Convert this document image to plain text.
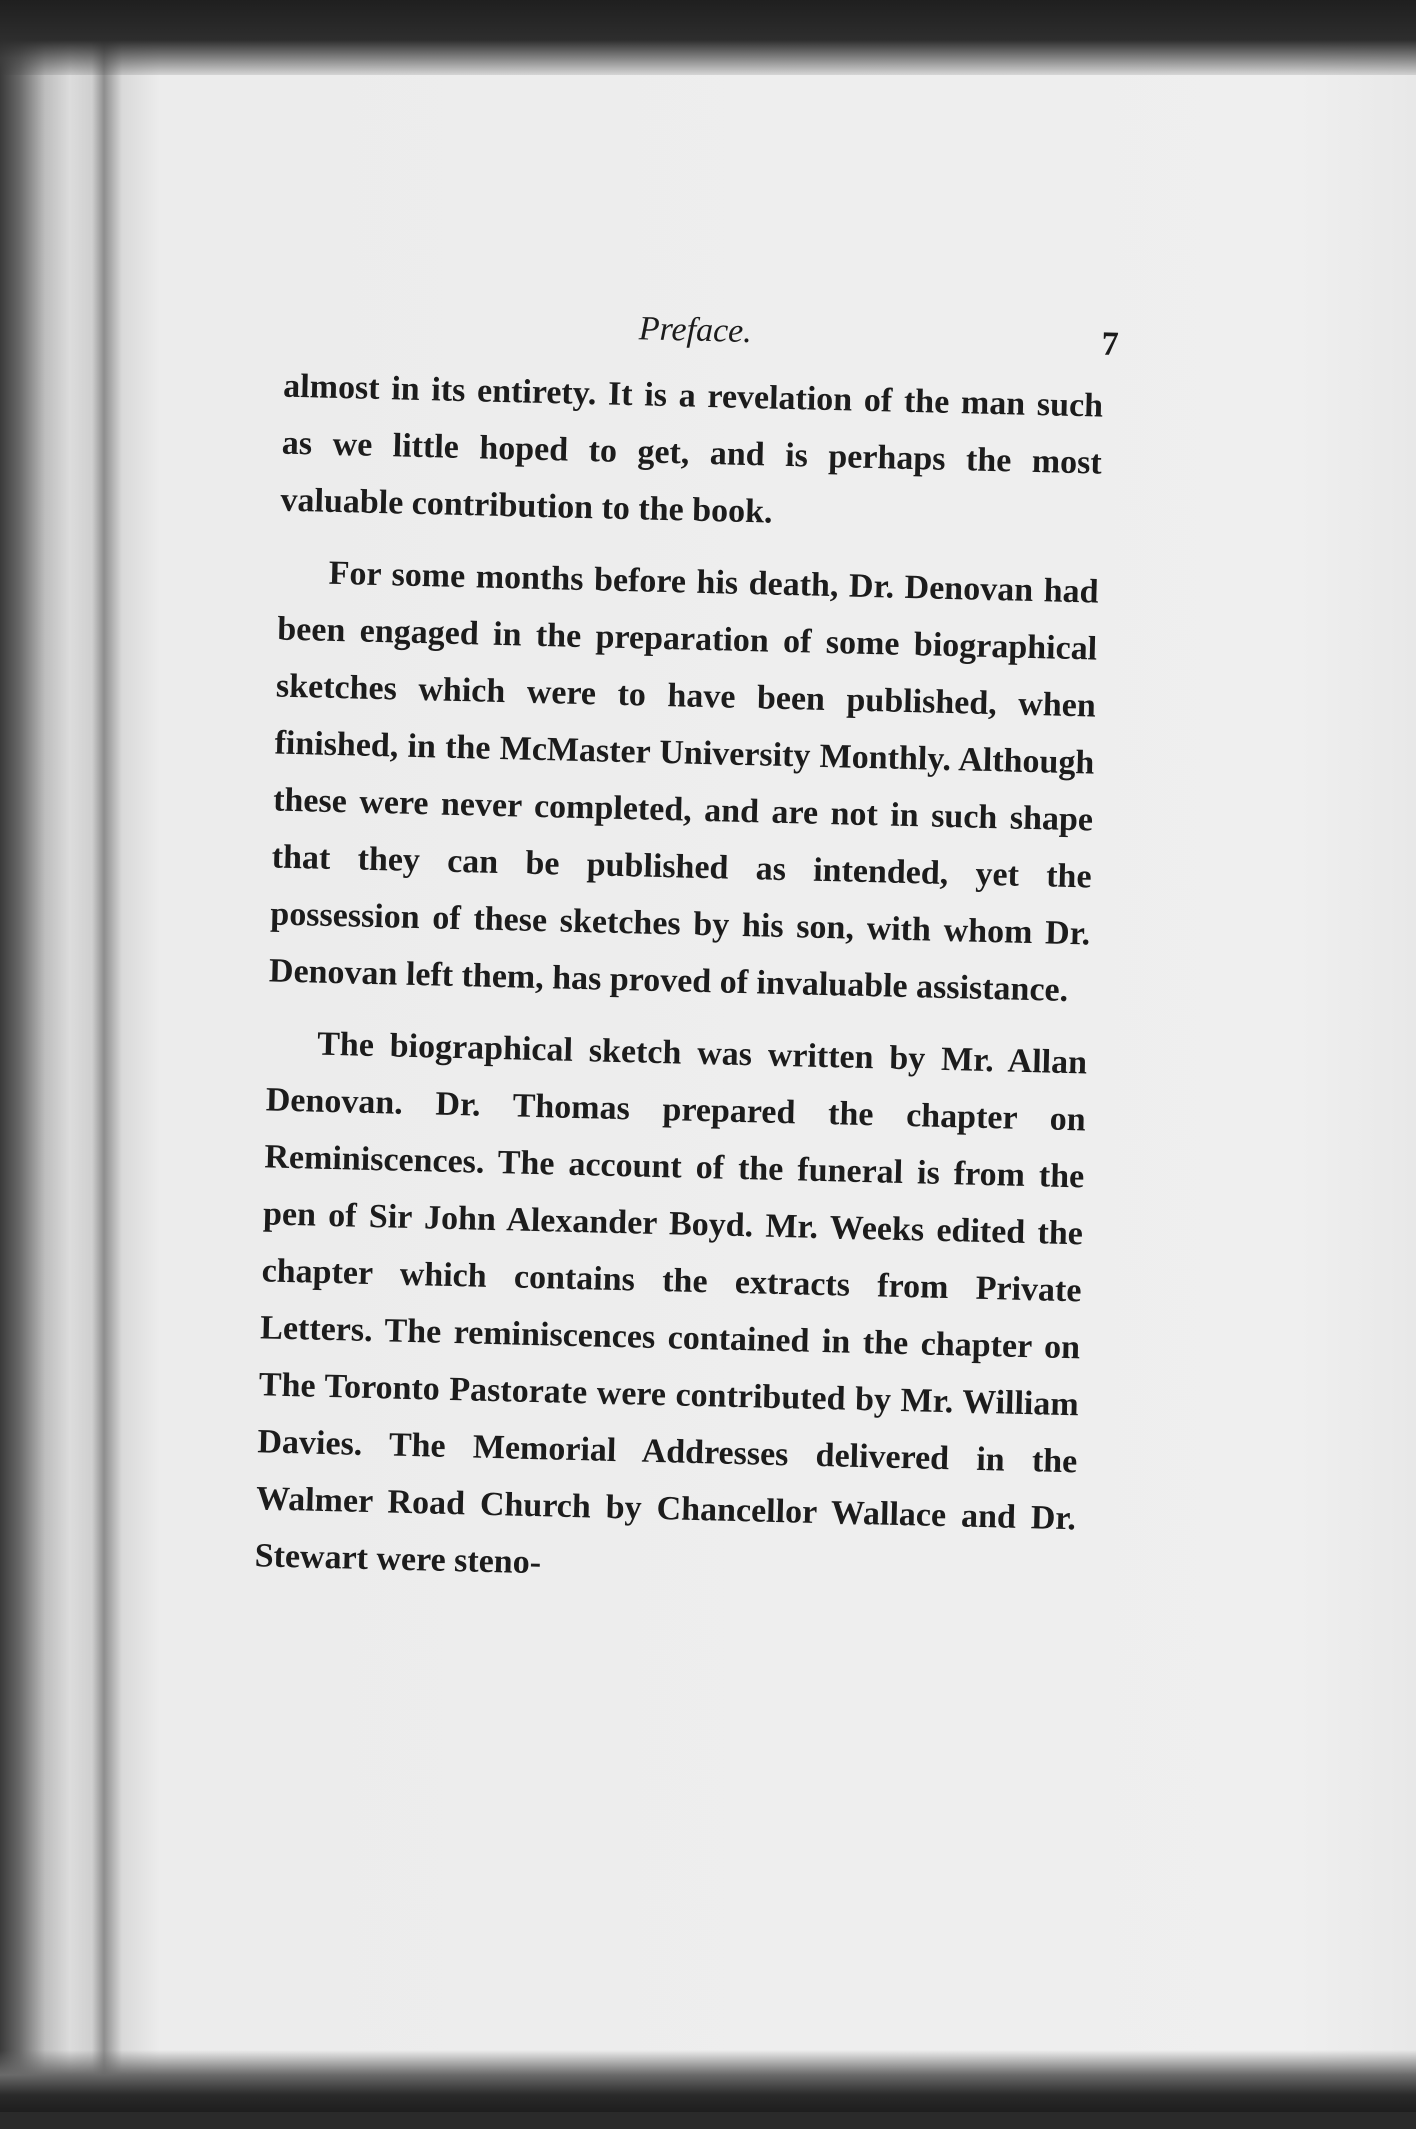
Preface.	7

almost in its entirety. It is a revelation of the man such as we little hoped to get, and is perhaps the most valuable contribution to the book.

For some months before his death, Dr. Denovan had been engaged in the preparation of some biographical sketches which were to have been published, when finished, in the McMaster University Monthly. Although these were never completed, and are not in such shape that they can be published as intended, yet the possession of these sketches by his son, with whom Dr. Denovan left them, has proved of invaluable assistance.

The biographical sketch was written by Mr. Allan Denovan. Dr. Thomas prepared the chapter on Reminiscences. The account of the funeral is from the pen of Sir John Alexander Boyd. Mr. Weeks edited the chapter which contains the extracts from Private Letters. The reminiscences contained in the chapter on The Toronto Pastorate were contributed by Mr. William Davies. The Memorial Addresses delivered in the Walmer Road Church by Chancellor Wallace and Dr. Stewart were steno-
